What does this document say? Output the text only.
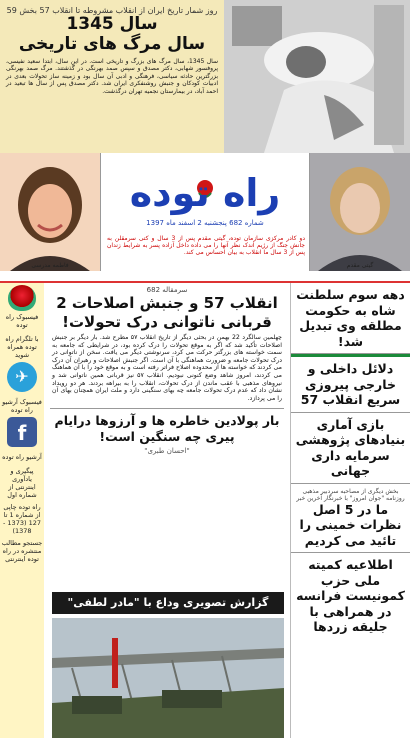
روز شمار تاریخ ایران از انقلاب مشروطه تا انقلاب 57 بخش 59
سال 1345
سال مرگ های تاریخی
سال 1345، سال مرگ های بزرگ و تاریخی است. در این سال، ابتدا سعید نفیسی، پروفسور شهابی، دکتر مصدق و سپس صمد بهرنگی در گذشتند. مرگ صمد بهرنگی بزرگترین حادثه سیاسی، فرهنگی و ادبی آن سال بود و زمینه ساز تحولات بعدی در ادبیات کودکان و جنبش روشنفکری ایران شد. دکتر مصدق پس از سال ها تبعید در احمد آباد، در بیمارستان نجمیه تهران درگذشت.
فاطمه مدرسی
راه توده
شماره 682 پنجشنبه 2 اسفند ماه 1397
دو کادر مرکزی سازمان توده، گیتی مقدم پس از 3 سال و کتی سرمقلن به جانش جنگ از رژیم اندک نظر آنها را می داده داخل آزاده پسر به شرایط زندان پس از 3 سال ما انقلاب به بیان احساس می کند.
گیتی مقدم
فیسبوک راه توده
با تلگرام راه توده همراه شوید
✈
فیسبوک آرشیو راه توده
f
آرشیو راه توده
پیگیری و یادآوری
اینترنتی از شماره اول
راه توده چاپی از شماره 1 تا 127 (1373 - 1378)
جستجو مطالب منتشره در راه توده اینترنتی
سرمقاله 682
انقلاب 57 و جنبش اصلاحات 2 قربانی ناتوانی درک تحولات!
چهلمین سالگرد 22 بهمن در بحثی دیگر از تاریخ انقلاب ۵۷ مطرح شد. بار دیگر بر جنبش اصلاحات تأکید شد که اگر به موقع تحولات را درک کرده بود، در شرایطی که جامعه به سمت خواسته های بزرگتر حرکت می کرد، سرنوشتی دیگر می یافت. سخن از ناتوانی در درک تحولات جامعه و ضرورت هماهنگی با آن است. اگر جنبش اصلاحات و رهبران آن درک می کردند که خواسته ها از محدوده اصلاح فراتر رفته است و به موقع خود را با آن هماهنگ می کردند، امروز شاهد وضع کنونی نبودیم. انقلاب ۵۷ نیز قربانی همین ناتوانی شد و نیروهای مذهبی با عقب ماندن از درک تحولات، انقلاب را به بیراهه بردند. هر دو رویداد نشان داد که عدم درک تحولات جامعه چه بهای سنگینی دارد و ملت ایران همچنان بهای آن را می پردازد.
بار پولادین خاطره ها و آرزوها درایام پیری چه سنگین است!
"احسان طبری"
گزارش تصویری وداع با "مادر لطفی"
دهه سوم سلطنت شاه به حکومت مطلقه وی تبدیل شد!
دلائل داخلی و خارجی پیروزی سریع انقلاب 57
بازی آماری بنیادهای پژوهشی سرمایه داری جهانی
بخش دیگری از مصاحبه سردبیر مذهبی روزنامه "جوان امروز" با خبرنگار آخرین خبر
ما در 5 اصل نظرات خمینی را تائید می کردیم
اطلاعیه کمیته ملی حزب کمونیست فرانسه در همراهی با جلیقه زردها
